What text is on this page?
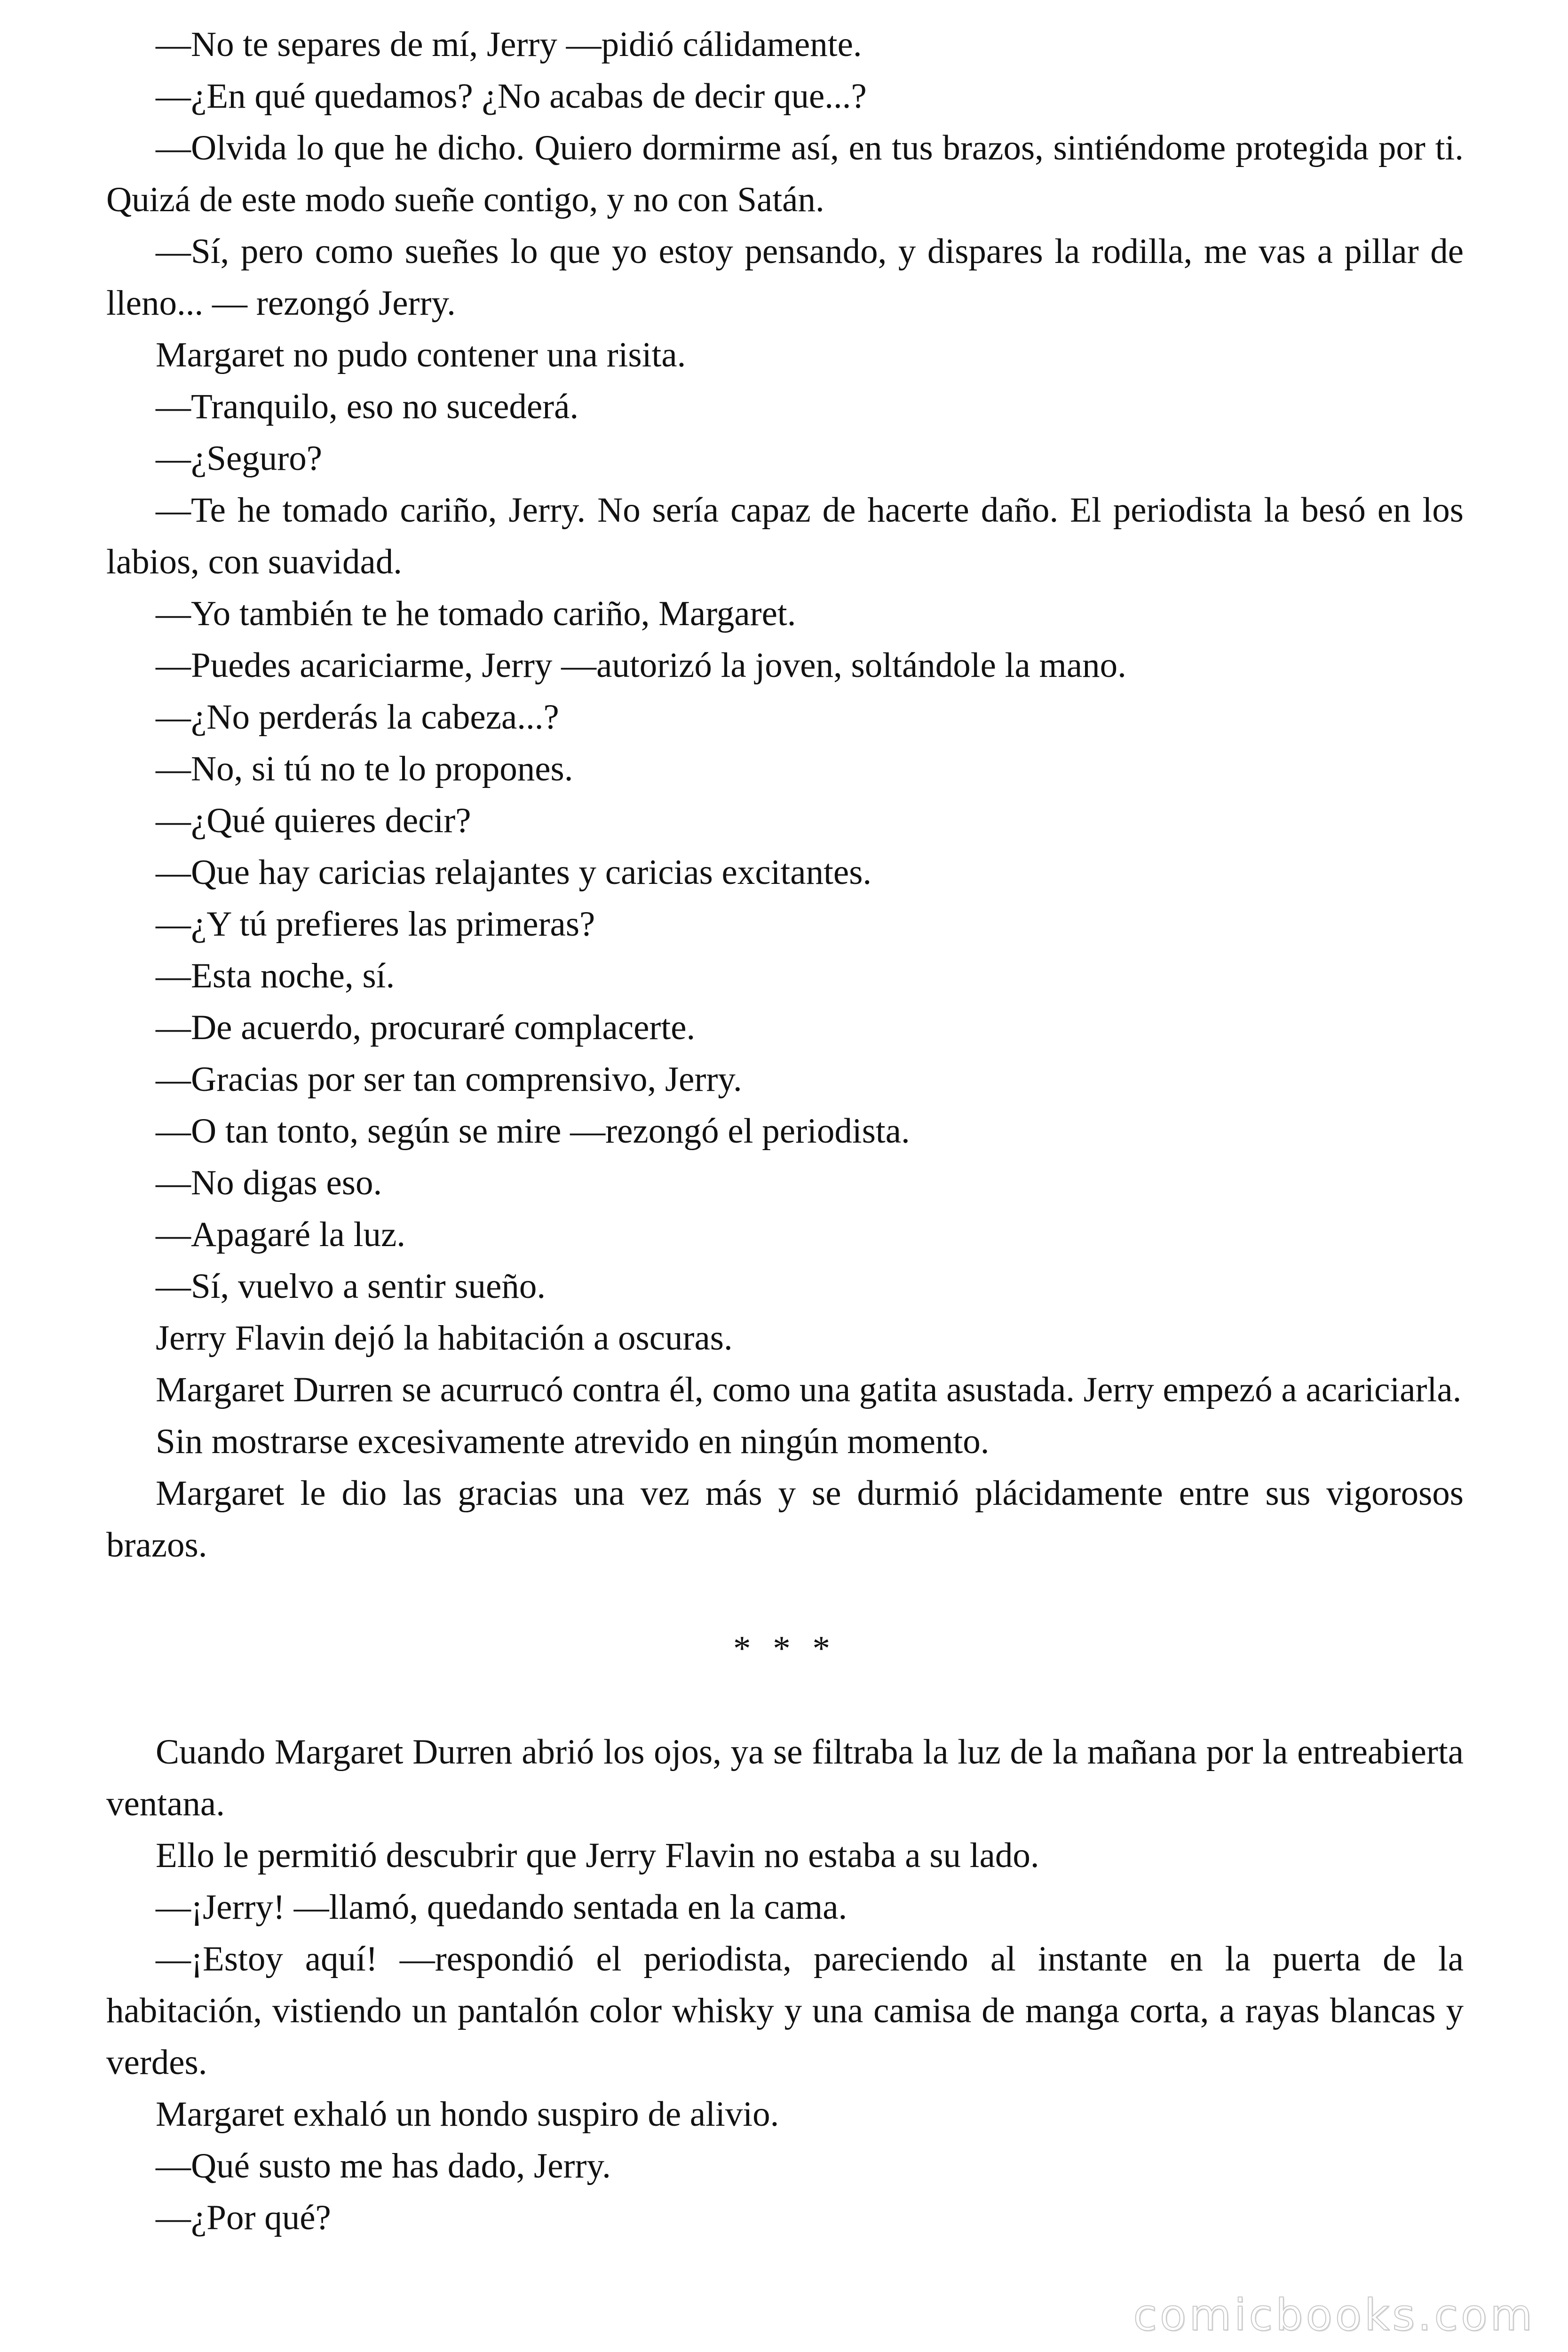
—No te separes de mí, Jerry —pidió cálidamente.

—¿En qué quedamos? ¿No acabas de decir que...?

—Olvida lo que he dicho. Quiero dormirme así, en tus brazos, sintiéndome protegida por ti. Quizá de este modo sueñe contigo, y no con Satán.

—Sí, pero como sueñes lo que yo estoy pensando, y dispares la rodilla, me vas a pillar de lleno... — rezongó Jerry.

Margaret no pudo contener una risita.

—Tranquilo, eso no sucederá.

—¿Seguro?

—Te he tomado cariño, Jerry. No sería capaz de hacerte daño. El periodista la besó en los labios, con suavidad.

—Yo también te he tomado cariño, Margaret.

—Puedes acariciarme, Jerry —autorizó la joven, soltándole la mano.

—¿No perderás la cabeza...?

—No, si tú no te lo propones.

—¿Qué quieres decir?

—Que hay caricias relajantes y caricias excitantes.

—¿Y tú prefieres las primeras?

—Esta noche, sí.

—De acuerdo, procuraré complacerte.

—Gracias por ser tan comprensivo, Jerry.

—O tan tonto, según se mire —rezongó el periodista.

—No digas eso.

—Apagaré la luz.

—Sí, vuelvo a sentir sueño.

Jerry Flavin dejó la habitación a oscuras.

Margaret Durren se acurrucó contra él, como una gatita asustada. Jerry empezó a acariciarla.

Sin mostrarse excesivamente atrevido en ningún momento.

Margaret le dio las gracias una vez más y se durmió plácidamente entre sus vigorosos brazos.

* * *

Cuando Margaret Durren abrió los ojos, ya se filtraba la luz de la mañana por la entreabierta ventana.

Ello le permitió descubrir que Jerry Flavin no estaba a su lado.

—¡Jerry! —llamó, quedando sentada en la cama.

—¡Estoy aquí! —respondió el periodista, pareciendo al instante en la puerta de la habitación, vistiendo un pantalón color whisky y una camisa de manga corta, a rayas blancas y verdes.

Margaret exhaló un hondo suspiro de alivio.

—Qué susto me has dado, Jerry.

—¿Por qué?

comicbooks.com
